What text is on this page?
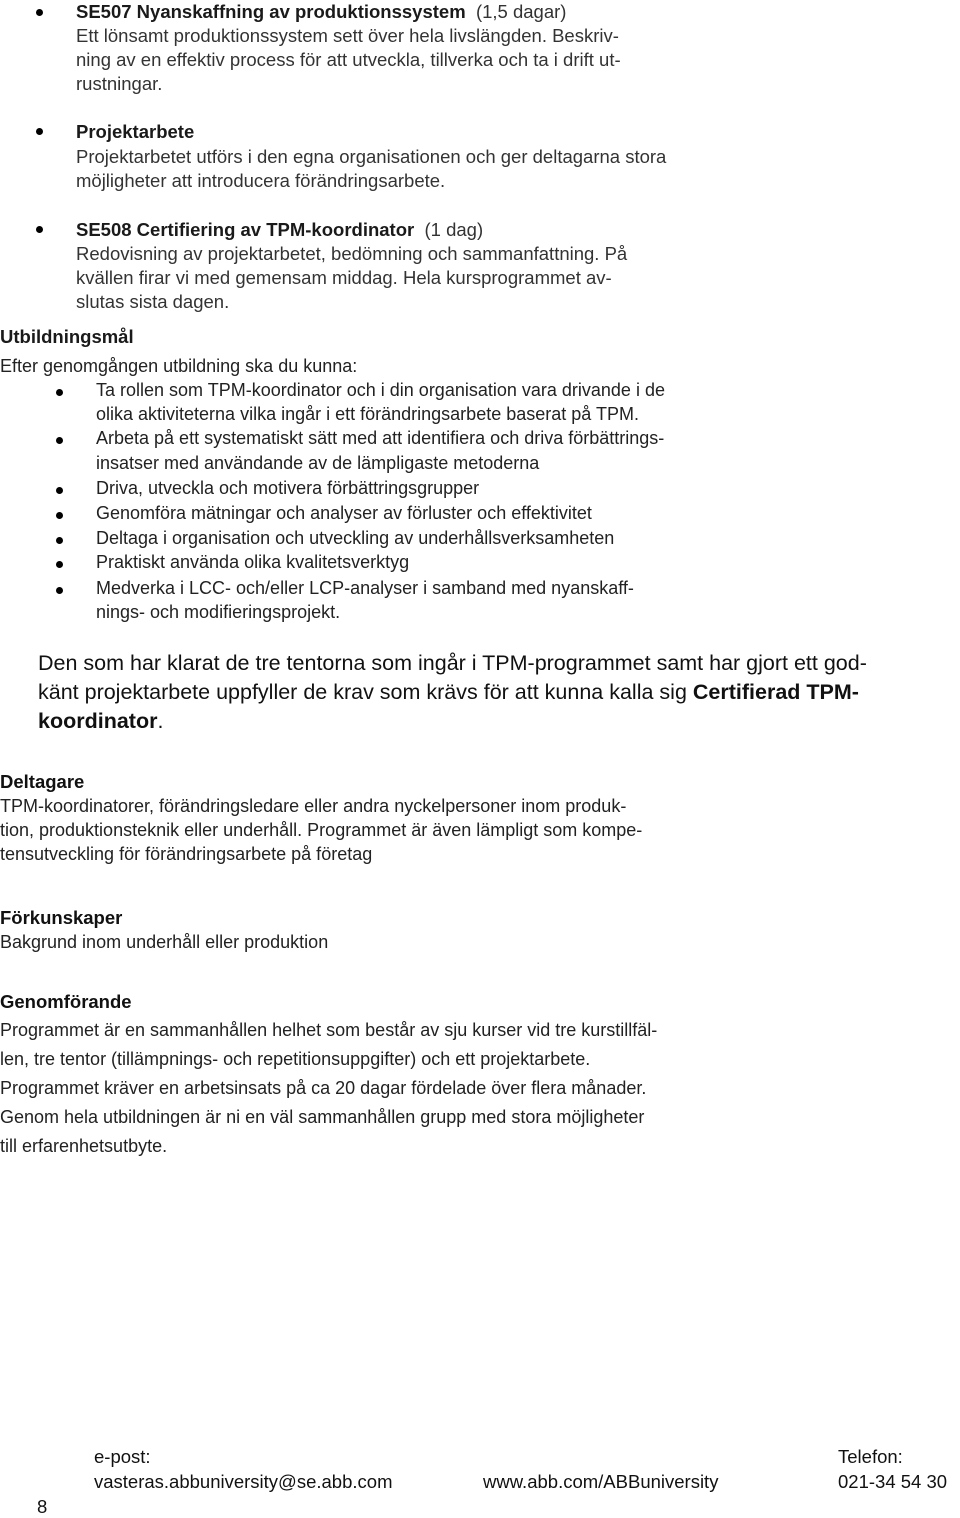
SE507 Nyanskaffning av produktionssystem (1,5 dagar)
Ett lönsamt produktionssystem sett över hela livslängden. Beskriv-
ning av en effektiv process för att utveckla, tillverka och ta i drift ut-
rustningar.
Projektarbete
Projektarbetet utförs i den egna organisationen och ger deltagarna stora
möjligheter att introducera förändringsarbete.
SE508 Certifiering av TPM-koordinator (1 dag)
Redovisning av projektarbetet, bedömning och sammanfattning. På
kvällen firar vi med gemensam middag. Hela kursprogrammet av-
slutas sista dagen.
Utbildningsmål
Efter genomgången utbildning ska du kunna:
Ta rollen som TPM-koordinator och i din organisation vara drivande i de
olika aktiviteterna vilka ingår i ett förändringsarbete baserat på TPM.
Arbeta på ett systematiskt sätt med att identifiera och driva förbättrings-
insatser med användande av de lämpligaste metoderna
Driva, utveckla och motivera förbättringsgrupper
Genomföra mätningar och analyser av förluster och effektivitet
Deltaga i organisation och utveckling av underhållsverksamheten
Praktiskt använda olika kvalitetsverktyg
Medverka i LCC- och/eller LCP-analyser i samband med nyanskaff-
nings- och modifieringsprojekt.
Den som har klarat de tre tentorna som ingår i TPM-programmet samt har gjort ett god-
känt projektarbete uppfyller de krav som krävs för att kunna kalla sig Certifierad TPM-
koordinator.
Deltagare
TPM-koordinatorer, förändringsledare eller andra nyckelpersoner inom produk-
tion, produktionsteknik eller underhåll. Programmet är även lämpligt som kompe-
tensutveckling för förändringsarbete på företag
Förkunskaper
Bakgrund inom underhåll eller produktion
Genomförande
Programmet är en sammanhållen helhet som består av sju kurser vid tre kurstillfäl-
len, tre tentor (tillämpnings- och repetitionsuppgifter) och ett projektarbete.
Programmet kräver en arbetsinsats på ca 20 dagar fördelade över flera månader.
Genom hela utbildningen är ni en väl sammanhållen grupp med stora möjligheter
till erfarenhetsutbyte.
8
e-post:
vasteras.abbuniversity@se.abb.com	www.abb.com/ABBuniversity
Telefon:
021-34 54 30
